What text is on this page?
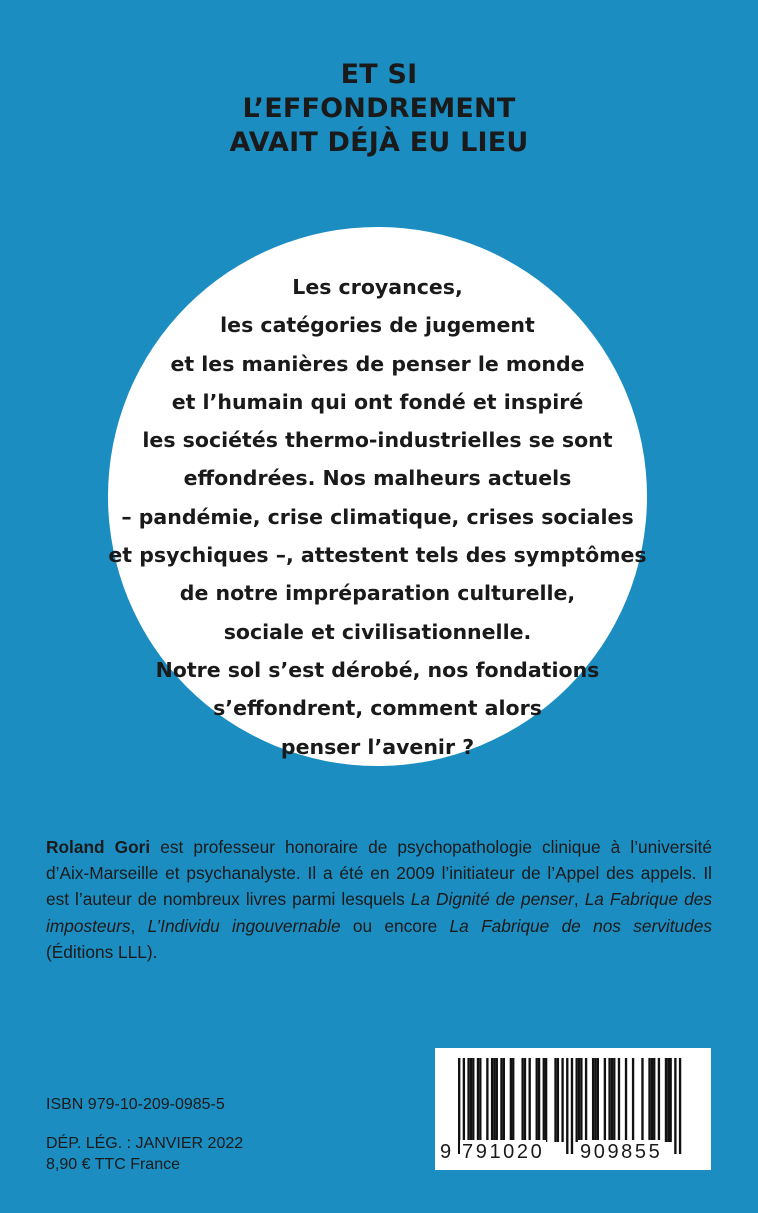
ET SI
L’EFFONDREMENT
AVAIT DÉJÀ EU LIEU
Les croyances,
les catégories de jugement
et les manières de penser le monde
et l’humain qui ont fondé et inspiré
les sociétés thermo-industrielles se sont
effondrées. Nos malheurs actuels
– pandémie, crise climatique, crises sociales
et psychiques –, attestent tels des symptômes
de notre impréparation culturelle,
sociale et civilisationnelle.
Notre sol s’est dérobé, nos fondations
s’effondrent, comment alors
penser l’avenir ?
Roland Gori est professeur honoraire de psychopathologie clinique à l’université d’Aix-Marseille et psychanalyste. Il a été en 2009 l’initiateur de l’Appel des appels. Il est l’auteur de nombreux livres parmi lesquels La Dignité de penser, La Fabrique des imposteurs, L’Individu ingouvernable ou encore La Fabrique de nos servitudes (Éditions LLL).
ISBN 979-10-209-0985-5
DÉP. LÉG. : JANVIER 2022
8,90 € TTC France
9 791020 909855
